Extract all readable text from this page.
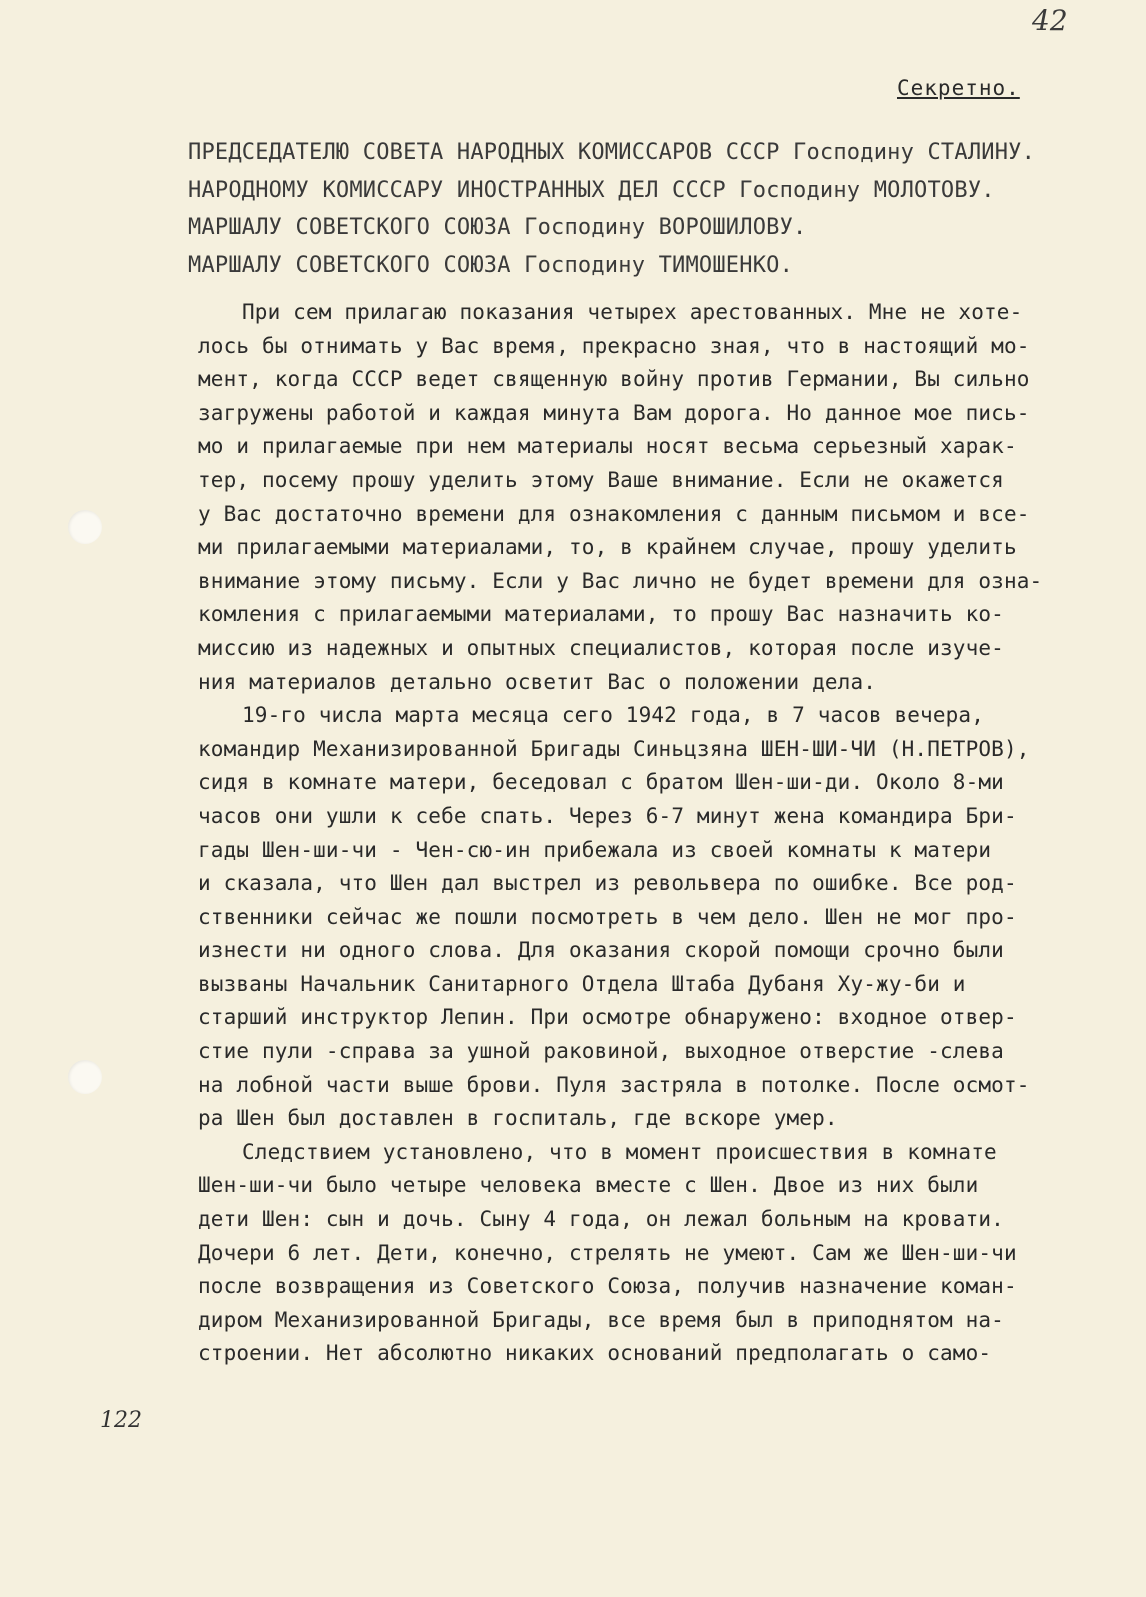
42
Секретно.
ПРЕДСЕДАТЕЛЮ СОВЕТА НАРОДНЫХ КОМИССАРОВ СССР Господину СТАЛИНУ.
НАРОДНОМУ КОМИССАРУ ИНОСТРАННЫХ ДЕЛ СССР Господину МОЛОТОВУ.
МАРШАЛУ СОВЕТСКОГО СОЮЗА Господину ВОРОШИЛОВУ.
МАРШАЛУ СОВЕТСКОГО СОЮЗА Господину ТИМОШЕНКО.
При сем прилагаю показания четырех арестованных. Мне не хоте-
лось бы отнимать у Вас время, прекрасно зная, что в настоящий мо-
мент, когда СССР ведет священную войну против Германии, Вы сильно
загружены работой и каждая минута Вам дорога. Но данное мое пись-
мо и прилагаемые при нем материалы носят весьма серьезный харак-
тер, посему прошу уделить этому Ваше внимание. Если не окажется
у Вас достаточно времени для ознакомления с данным письмом и все-
ми прилагаемыми материалами, то, в крайнем случае, прошу уделить
внимание этому письму. Если у Вас лично не будет времени для озна-
комления с прилагаемыми материалами, то прошу Вас назначить ко-
миссию из надежных и опытных специалистов, которая после изуче-
ния материалов детально осветит Вас о положении дела.
19-го числа марта месяца сего 1942 года, в 7 часов вечера,
командир Механизированной Бригады Синьцзяна ШЕН-ШИ-ЧИ (Н.ПЕТРОВ),
сидя в комнате матери, беседовал с братом Шен-ши-ди. Около 8-ми
часов они ушли к себе спать. Через 6-7 минут жена командира Бри-
гады Шен-ши-чи - Чен-сю-ин прибежала из своей комнаты к матери
и сказала, что Шен дал выстрел из револьвера по ошибке. Все род-
ственники сейчас же пошли посмотреть в чем дело. Шен не мог про-
изнести ни одного слова. Для оказания скорой помощи срочно были
вызваны Начальник Санитарного Отдела Штаба Дубаня Ху-жу-би и
старший инструктор Лепин. При осмотре обнаружено: входное отвер-
стие пули -справа за ушной раковиной, выходное отверстие -слева
на лобной части выше брови. Пуля застряла в потолке. После осмот-
ра Шен был доставлен в госпиталь, где вскоре умер.
Следствием установлено, что в момент происшествия в комнате
Шен-ши-чи было четыре человека вместе с Шен. Двое из них были
дети Шен: сын и дочь. Сыну 4 года, он лежал больным на кровати.
Дочери 6 лет. Дети, конечно, стрелять не умеют. Сам же Шен-ши-чи
после возвращения из Советского Союза, получив назначение коман-
диром Механизированной Бригады, все время был в приподнятом на-
строении. Нет абсолютно никаких оснований предполагать о само-
122
